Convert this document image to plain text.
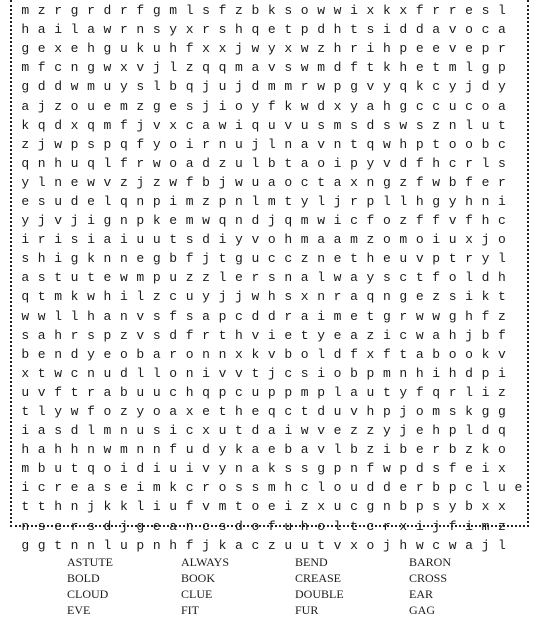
m z r g r d r f g m l s f z b k s o w w i x k x f r r e s l
h a i l a w r n s y x r s h q e t p d h t s i d d a v o c a
g e x e h g u k u h f x x j w y x w z h r i h p e e v e p r
m f c n g w x v j l z q q m a v s w m d f t k h e t m l g p
g d d w m u y s l b q j u j d m m r w p g v y q k c y j d y
a j z o u e m z g e s j i o y f k w d x y a h g c c u c o a
k q d x q m f j v x c a w i q u v u s m s d s w s z n l u t
z j w p s p q f y o i r n u j l n a v n t q w h p t o o b c
q n h u q l f r w o a d z u l b t a o i p y v d f h c r l s
y l n e w v z j z w f b j w u a o c t a x n g z f w b f e r
e s u d e l q n p i m z p n l m t y l j r p l l h g y h n i
y j v j i g n p k e m w q n d j q m w i c f o z f f v f h c
i r i s i a i u u t s d i y v o h m a a m z o m o i u x j o
s h i g k n n e g b f j t g u c c z n e t h e u v p t r y l
a s t u t e w m p u z z l e r s n a l w a y s c t f o l d h
q t m k w h i l z c u y j j w h s x n r a q n g e z s i k t
w w l l h a n v s f s a p c d d r a i m e t g r w w g h f z
s a h r s p z v s d f r t h v i e t y e a z i c w a h j b f
b e n d y e o b a r o n n x k v b o l d f x f t a b o o k v
x t w c n u d l l o n i v v t j c s i o b p m n h i h d p i
u v f t r a b u u c h q p c u p p m p l a u t y f q r l i z
t l y w f o z y o a x e t h e q c t d u v h p j o m s k g g
i a s d l m n u s i c x u t d a i w v e z z y j e h p l d q
h a h h n w m n n f u d y k a e b a v l b z i b e r b z k o
m b u t q o i d i u i v y n a k s s g p n f w p d s f e i x
i c r e a s e i m k c r o s s m h c l o u d d e r b p c l u e
t t h n j k k l i u f v m t o e i z x u c g n b p s y b x x
n s e r s d j g e a n c s d o f u h o l t c r x i j f i m z
g g t n n l u p n h f j k a c z u u t v x o j h w c w a j l
ASTUTE	ALWAYS	BEND	BARON
BOLD	BOOK	CREASE	CROSS
CLOUD	CLUE	DOUBLE	EAR
EVE	FIT	FUR	GAG
